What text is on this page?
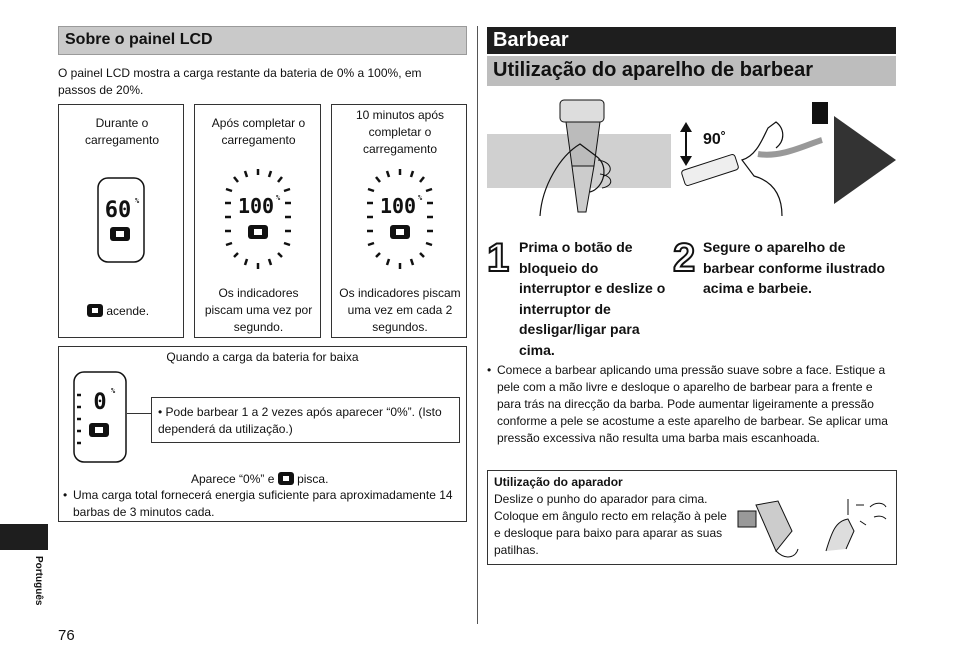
Sobre o painel LCD
O painel LCD mostra a carga restante da bateria de 0% a 100%, em passos de 20%.
Durante o carregamento
60 %
acende.
Após completar o carregamento
100 %
Os indicadores piscam uma vez por segundo.
10 minutos após completar o carregamento
100 %
Os indicadores piscam uma vez em cada 2 segundos.
Quando a carga da bateria for baixa
0 %
• Pode barbear 1 a 2 vezes após aparecer “0%”. (Isto dependerá da utilização.)
Aparece “0%” e pisca.
• Uma carga total fornecerá energia suficiente para aproximadamente 14 barbas de 3 minutos cada.
Português
76
Barbear
Utilização do aparelho de barbear
90˚
1 Prima o botão de bloqueio do interruptor e deslize o interruptor de desligar/ligar para cima.
2 Segure o aparelho de barbear conforme ilustrado acima e barbeie.
• Comece a barbear aplicando uma pressão suave sobre a face. Estique a pele com a mão livre e desloque o aparelho de barbear para a frente e para trás na direcção da barba. Pode aumentar ligeiramente a pressão conforme a pele se acostume a este aparelho de barbear. Se aplicar uma pressão excessiva não resulta uma barba mais escanhoada.
Utilização do aparador
Deslize o punho do aparador para cima. Coloque em ângulo recto em relação à pele e desloque para baixo para aparar as suas patilhas.
